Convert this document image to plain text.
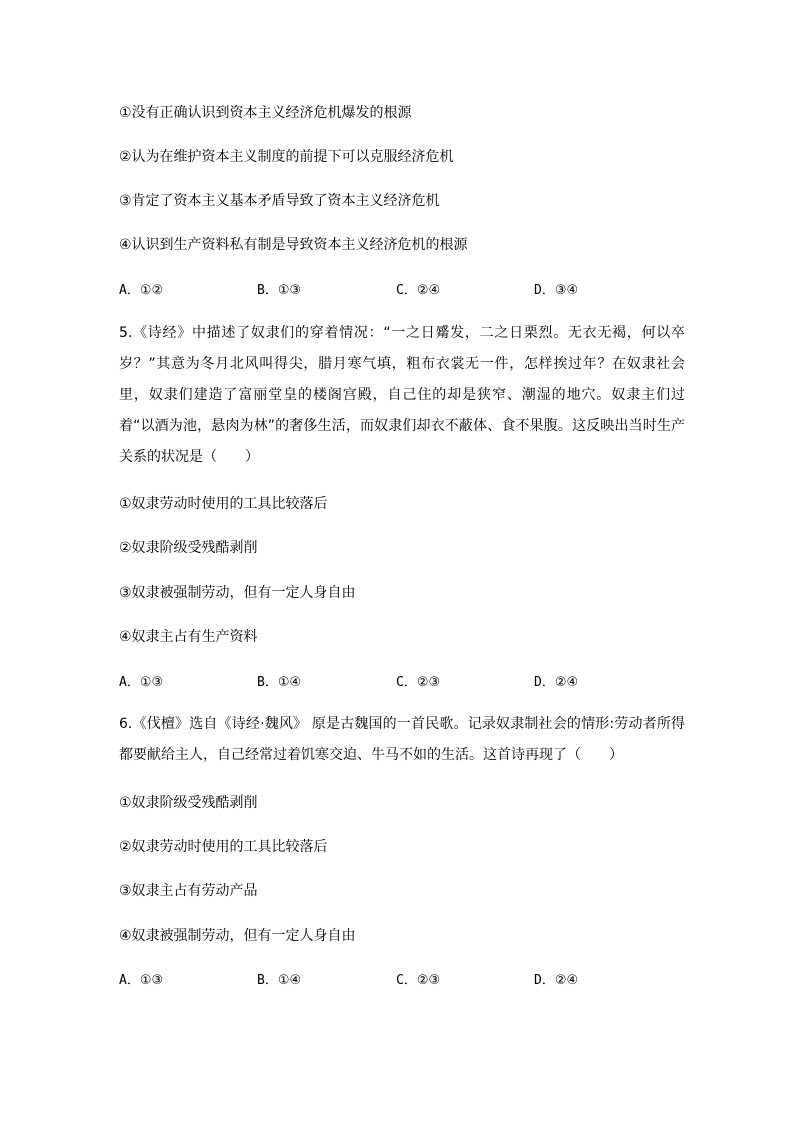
①没有正确认识到资本主义经济危机爆发的根源
②认为在维护资本主义制度的前提下可以克服经济危机
③肯定了资本主义基本矛盾导致了资本主义经济危机
④认识到生产资料私有制是导致资本主义经济危机的根源
A．①②	B．①③	C．②④	D．③④
5.《诗经》中描述了奴隶们的穿着情况：“一之日觱发，二之日栗烈。无衣无褐，何以卒岁？”其意为冬月北风叫得尖，腊月寒气填，粗布衣裳无一件，怎样挨过年？在奴隶社会里，奴隶们建造了富丽堂皇的楼阁宫殿，自己住的却是狭窄、潮湿的地穴。奴隶主们过着“以酒为池，悬肉为林”的奢侈生活，而奴隶们却衣不蔽体、食不果腹。这反映出当时生产关系的状况是（　　）
①奴隶劳动时使用的工具比较落后
②奴隶阶级受残酷剥削
③奴隶被强制劳动，但有一定人身自由
④奴隶主占有生产资料
A．①③	B．①④	C．②③	D．②④
6.《伐檀》选自《诗经·魏风》 原是古魏国的一首民歌。记录奴隶制社会的情形:劳动者所得都要献给主人，自己经常过着饥寒交迫、牛马不如的生活。这首诗再现了（　　）
①奴隶阶级受残酷剥削
②奴隶劳动时使用的工具比较落后
③奴隶主占有劳动产品
④奴隶被强制劳动，但有一定人身自由
A．①③	B．①④	C．②③	D．②④
